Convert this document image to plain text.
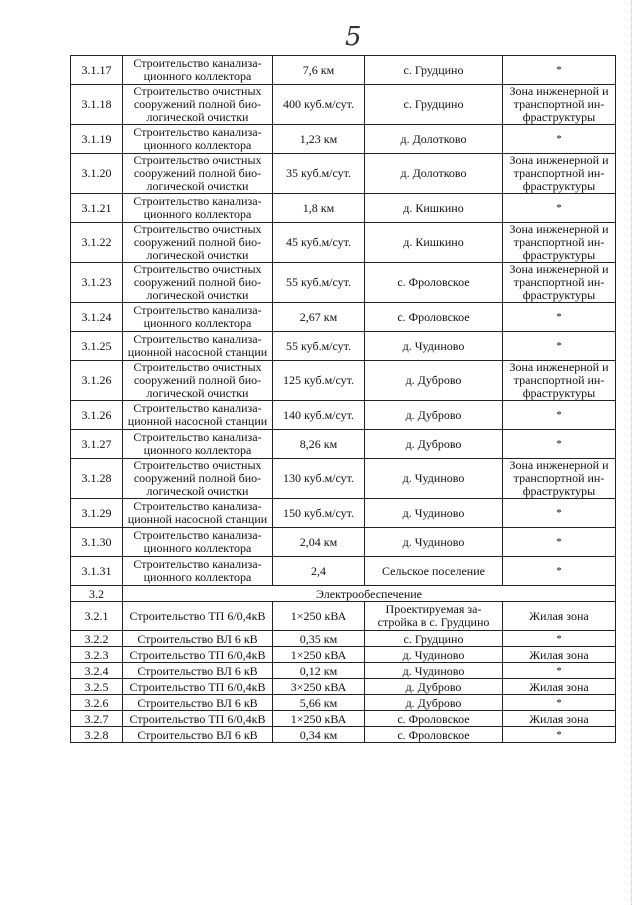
5
3.1.17	Строительство канализа-ционного коллектора	7,6 км	с. Грудцино	*
3.1.18	Строительство очистных сооружений полной био-логической очистки	400 куб.м/сут.	с. Грудцино	Зона инженерной и транспортной ин-фраструктуры
3.1.19	Строительство канализа-ционного коллектора	1,23 км	д. Долотково	*
3.1.20	Строительство очистных сооружений полной био-логической очистки	35 куб.м/сут.	д. Долотково	Зона инженерной и транспортной ин-фраструктуры
3.1.21	Строительство канализа-ционного коллектора	1,8 км	д. Кишкино	*
3.1.22	Строительство очистных сооружений полной био-логической очистки	45 куб.м/сут.	д. Кишкино	Зона инженерной и транспортной ин-фраструктуры
3.1.23	Строительство очистных сооружений полной био-логической очистки	55 куб.м/сут.	с. Фроловское	Зона инженерной и транспортной ин-фраструктуры
3.1.24	Строительство канализа-ционного коллектора	2,67 км	с. Фроловское	*
3.1.25	Строительство канализа-ционной насосной станции	55 куб.м/сут.	д. Чудиново	*
3.1.26	Строительство очистных сооружений полной био-логической очистки	125 куб.м/сут.	д. Дуброво	Зона инженерной и транспортной ин-фраструктуры
3.1.26	Строительство канализа-ционной насосной станции	140 куб.м/сут.	д. Дуброво	*
3.1.27	Строительство канализа-ционного коллектора	8,26 км	д. Дуброво	*
3.1.28	Строительство очистных сооружений полной био-логической очистки	130 куб.м/сут.	д. Чудиново	Зона инженерной и транспортной ин-фраструктуры
3.1.29	Строительство канализа-ционной насосной станции	150 куб.м/сут.	д. Чудиново	*
3.1.30	Строительство канализа-ционного коллектора	2,04 км	д. Чудиново	*
3.1.31	Строительство канализа-ционного коллектора	2,4	Сельское поселение	*
3.2	Электрообеспечение			
3.2.1	Строительство ТП 6/0,4кВ	1×250 кВА	Проектируемая за-стройка в с. Грудцино	Жилая зона
3.2.2	Строительство ВЛ 6 кВ	0,35 км	с. Грудцино	*
3.2.3	Строительство ТП 6/0,4кВ	1×250 кВА	д. Чудиново	Жилая зона
3.2.4	Строительство ВЛ 6 кВ	0,12 км	д. Чудиново	*
3.2.5	Строительство ТП 6/0,4кВ	3×250 кВА	д. Дуброво	Жилая зона
3.2.6	Строительство ВЛ 6 кВ	5,66 км	д. Дуброво	*
3.2.7	Строительство ТП 6/0,4кВ	1×250 кВА	с. Фроловское	Жилая зона
3.2.8	Строительство ВЛ 6 кВ	0,34 км	с. Фроловское	*
